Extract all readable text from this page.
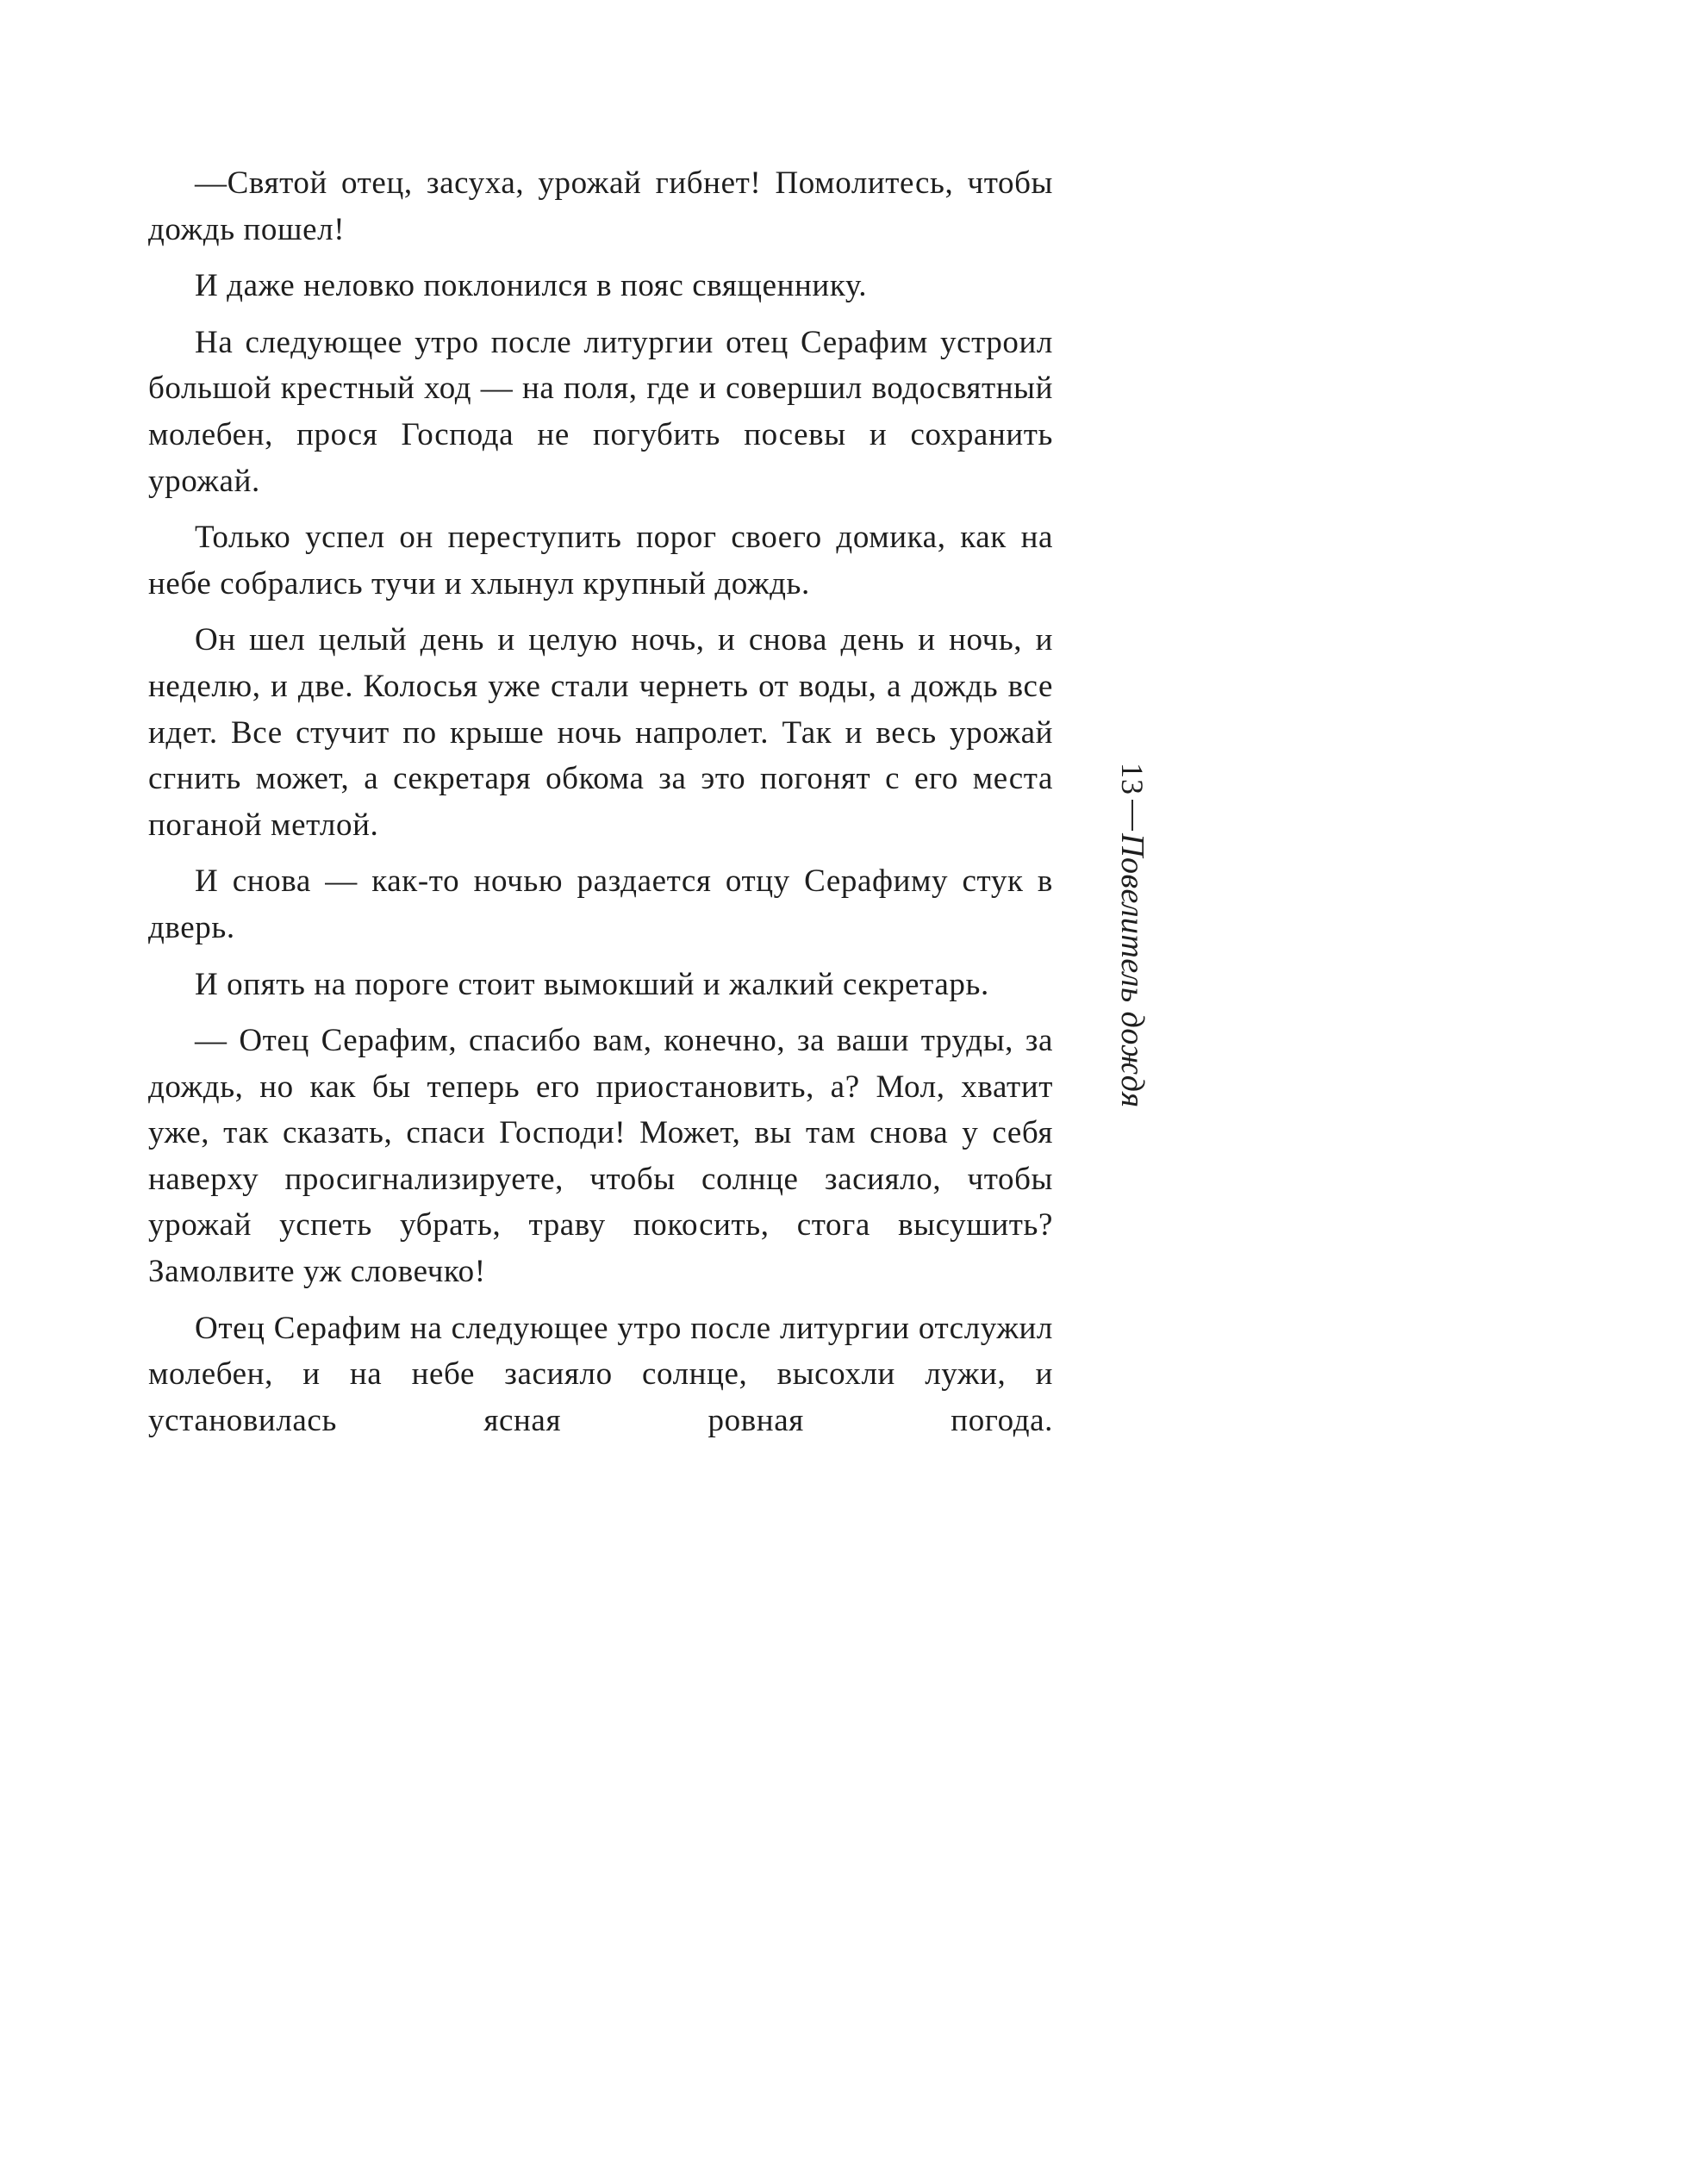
—Святой отец, засуха, урожай гибнет! Помолитесь, чтобы дождь пошел!

И даже неловко поклонился в пояс священнику.

На следующее утро после литургии отец Серафим устроил большой крестный ход — на поля, где и совершил водосвятный молебен, прося Господа не погубить посевы и сохранить урожай.

Только успел он переступить порог своего домика, как на небе собрались тучи и хлынул крупный дождь.

Он шел целый день и целую ночь, и снова день и ночь, и неделю, и две. Колосья уже стали чернеть от воды, а дождь все идет. Все стучит по крыше ночь напролет. Так и весь урожай сгнить может, а секретаря обкома за это погонят с его места поганой метлой.

И снова — как-то ночью раздается отцу Серафиму стук в дверь.

И опять на пороге стоит вымокший и жалкий секретарь.

— Отец Серафим, спасибо вам, конечно, за ваши труды, за дождь, но как бы теперь его приостановить, а? Мол, хватит уже, так сказать, спаси Господи! Может, вы там снова у себя наверху просигнализируете, чтобы солнце засияло, чтобы урожай успеть убрать, траву покосить, стога высушить? Замолвите уж словечко!

Отец Серафим на следующее утро после литургии отслужил молебен, и на небе засияло солнце, высохли лужи, и установилась ясная ровная погода.

13
Повелитель дождя
